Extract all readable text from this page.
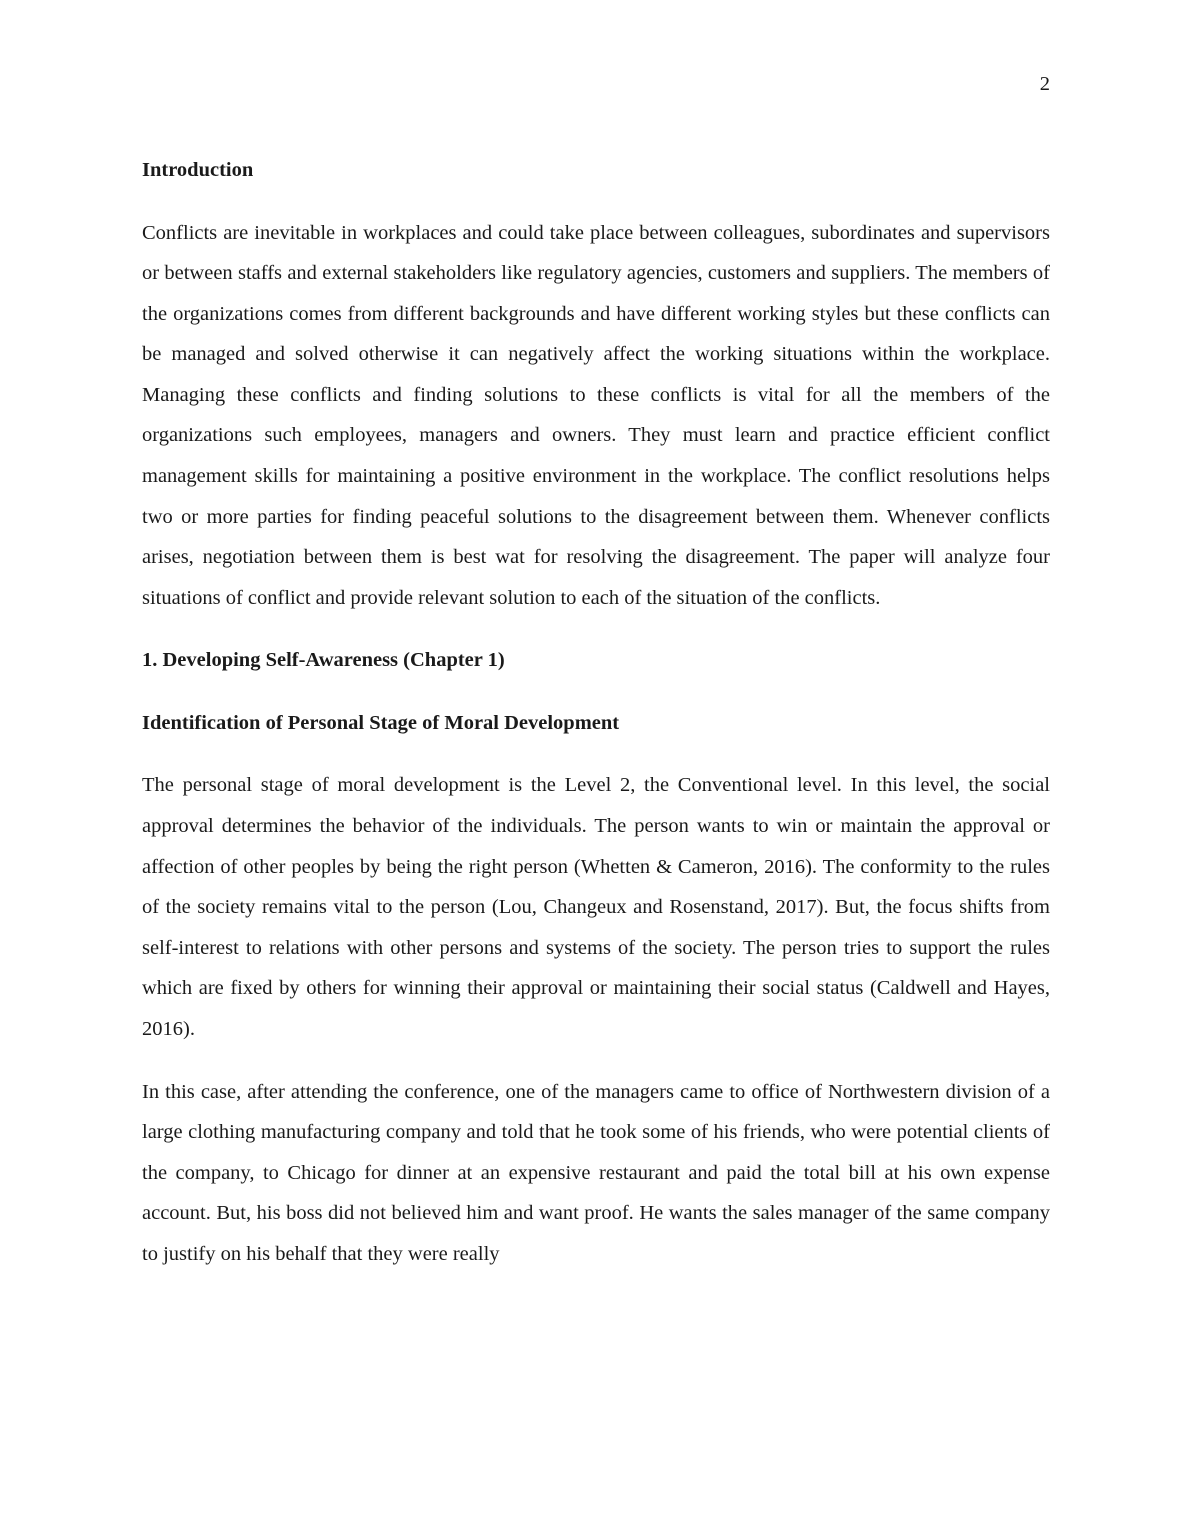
2
Introduction

Conflicts are inevitable in workplaces and could take place between colleagues, subordinates and supervisors or between staffs and external stakeholders like regulatory agencies, customers and suppliers. The members of the organizations comes from different backgrounds and have different working styles but these conflicts can be managed and solved otherwise it can negatively affect the working situations within the workplace. Managing these conflicts and finding solutions to these conflicts is vital for all the members of the organizations such employees, managers and owners. They must learn and practice efficient conflict management skills for maintaining a positive environment in the workplace. The conflict resolutions helps two or more parties for finding peaceful solutions to the disagreement between them. Whenever conflicts arises, negotiation between them is best wat for resolving the disagreement. The paper will analyze four situations of conflict and provide relevant solution to each of the situation of the conflicts.

1. Developing Self-Awareness (Chapter 1)
Identification of Personal Stage of Moral Development

The personal stage of moral development is the Level 2, the Conventional level. In this level, the social approval determines the behavior of the individuals. The person wants to win or maintain the approval or affection of other peoples by being the right person (Whetten & Cameron, 2016). The conformity to the rules of the society remains vital to the person (Lou, Changeux and Rosenstand, 2017). But, the focus shifts from self-interest to relations with other persons and systems of the society. The person tries to support the rules which are fixed by others for winning their approval or maintaining their social status (Caldwell and Hayes, 2016).

In this case, after attending the conference, one of the managers came to office of Northwestern division of a large clothing manufacturing company and told that he took some of his friends, who were potential clients of the company, to Chicago for dinner at an expensive restaurant and paid the total bill at his own expense account. But, his boss did not believed him and want proof. He wants the sales manager of the same company to justify on his behalf that they were really
